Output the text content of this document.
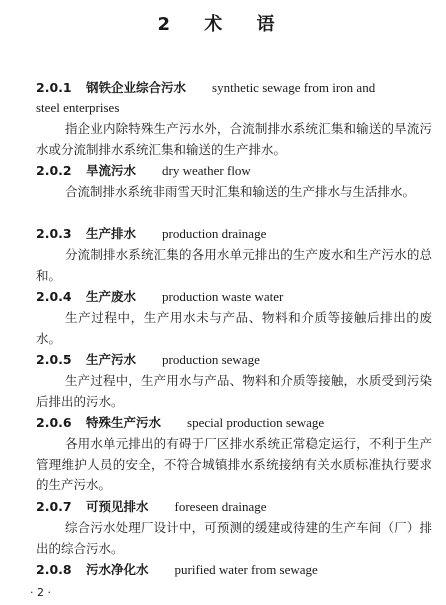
2 术 语
2.0.1 钢铁企业综合污水 synthetic sewage from iron and
steel enterprises
指企业内除特殊生产污水外，合流制排水系统汇集和输送的旱流污水或分流制排水系统汇集和输送的生产排水。
2.0.2 旱流污水 dry weather flow
合流制排水系统非雨雪天时汇集和输送的生产排水与生活排水。
2.0.3 生产排水 production drainage
分流制排水系统汇集的各用水单元排出的生产废水和生产污水的总和。
2.0.4 生产废水 production waste water
生产过程中，生产用水未与产品、物料和介质等接触后排出的废水。
2.0.5 生产污水 production sewage
生产过程中，生产用水与产品、物料和介质等接触，水质受到污染后排出的污水。
2.0.6 特殊生产污水 special production sewage
各用水单元排出的有碍于厂区排水系统正常稳定运行，不利于生产管理维护人员的安全，不符合城镇排水系统接纳有关水质标准执行要求的生产污水。
2.0.7 可预见排水 foreseen drainage
综合污水处理厂设计中，可预测的缓建或待建的生产车间（厂）排出的综合污水。
2.0.8 污水净化水 purified water from sewage
· 2 ·
